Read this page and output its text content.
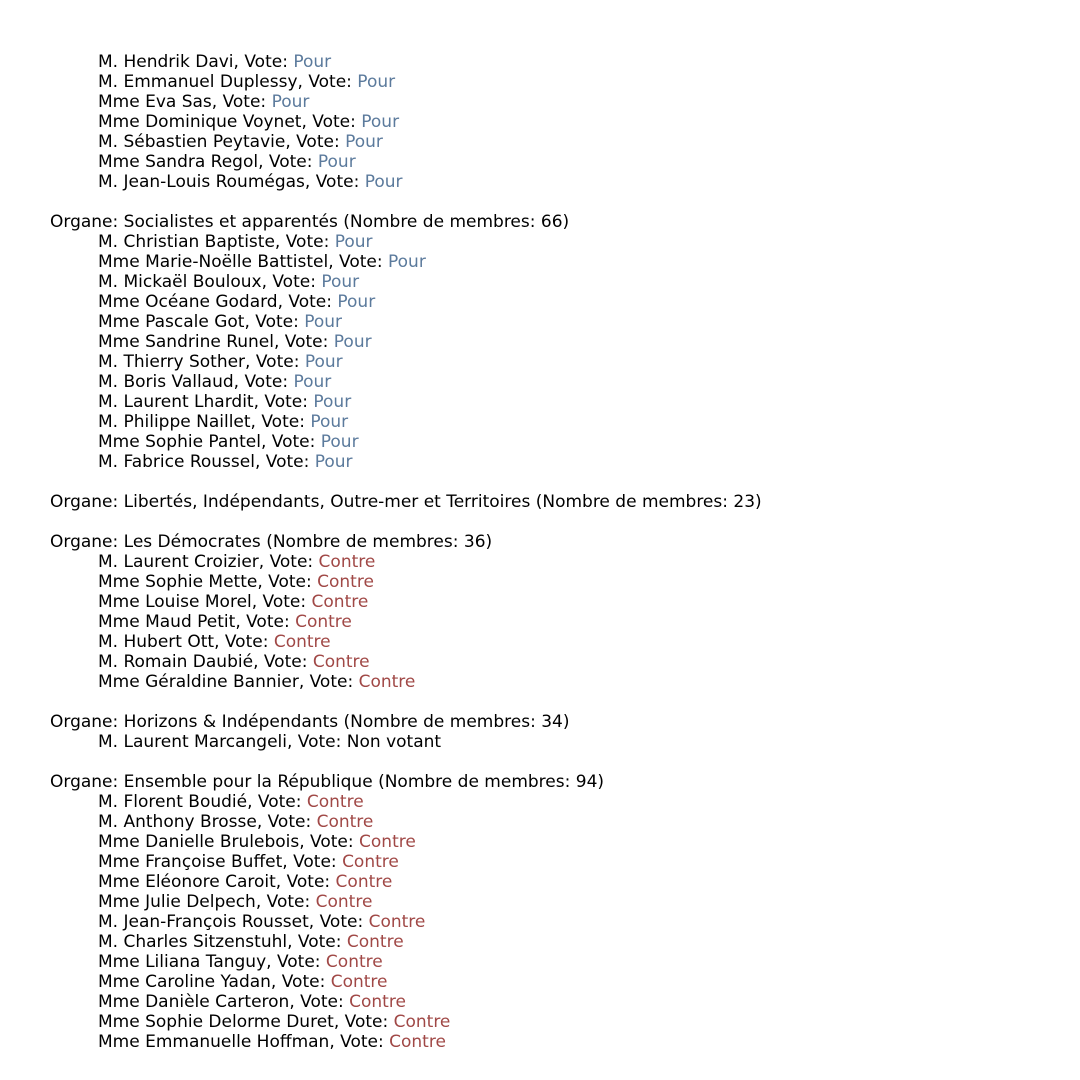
M. Hendrik Davi, Vote: Pour
M. Emmanuel Duplessy, Vote: Pour
Mme Eva Sas, Vote: Pour
Mme Dominique Voynet, Vote: Pour
M. Sébastien Peytavie, Vote: Pour
Mme Sandra Regol, Vote: Pour
M. Jean-Louis Roumégas, Vote: Pour
Organe: Socialistes et apparentés (Nombre de membres: 66)
M. Christian Baptiste, Vote: Pour
Mme Marie-Noëlle Battistel, Vote: Pour
M. Mickaël Bouloux, Vote: Pour
Mme Océane Godard, Vote: Pour
Mme Pascale Got, Vote: Pour
Mme Sandrine Runel, Vote: Pour
M. Thierry Sother, Vote: Pour
M. Boris Vallaud, Vote: Pour
M. Laurent Lhardit, Vote: Pour
M. Philippe Naillet, Vote: Pour
Mme Sophie Pantel, Vote: Pour
M. Fabrice Roussel, Vote: Pour
Organe: Libertés, Indépendants, Outre-mer et Territoires (Nombre de membres: 23)
Organe: Les Démocrates (Nombre de membres: 36)
M. Laurent Croizier, Vote: Contre
Mme Sophie Mette, Vote: Contre
Mme Louise Morel, Vote: Contre
Mme Maud Petit, Vote: Contre
M. Hubert Ott, Vote: Contre
M. Romain Daubié, Vote: Contre
Mme Géraldine Bannier, Vote: Contre
Organe: Horizons & Indépendants (Nombre de membres: 34)
M. Laurent Marcangeli, Vote: Non votant
Organe: Ensemble pour la République (Nombre de membres: 94)
M. Florent Boudié, Vote: Contre
M. Anthony Brosse, Vote: Contre
Mme Danielle Brulebois, Vote: Contre
Mme Françoise Buffet, Vote: Contre
Mme Eléonore Caroit, Vote: Contre
Mme Julie Delpech, Vote: Contre
M. Jean-François Rousset, Vote: Contre
M. Charles Sitzenstuhl, Vote: Contre
Mme Liliana Tanguy, Vote: Contre
Mme Caroline Yadan, Vote: Contre
Mme Danièle Carteron, Vote: Contre
Mme Sophie Delorme Duret, Vote: Contre
Mme Emmanuelle Hoffman, Vote: Contre
